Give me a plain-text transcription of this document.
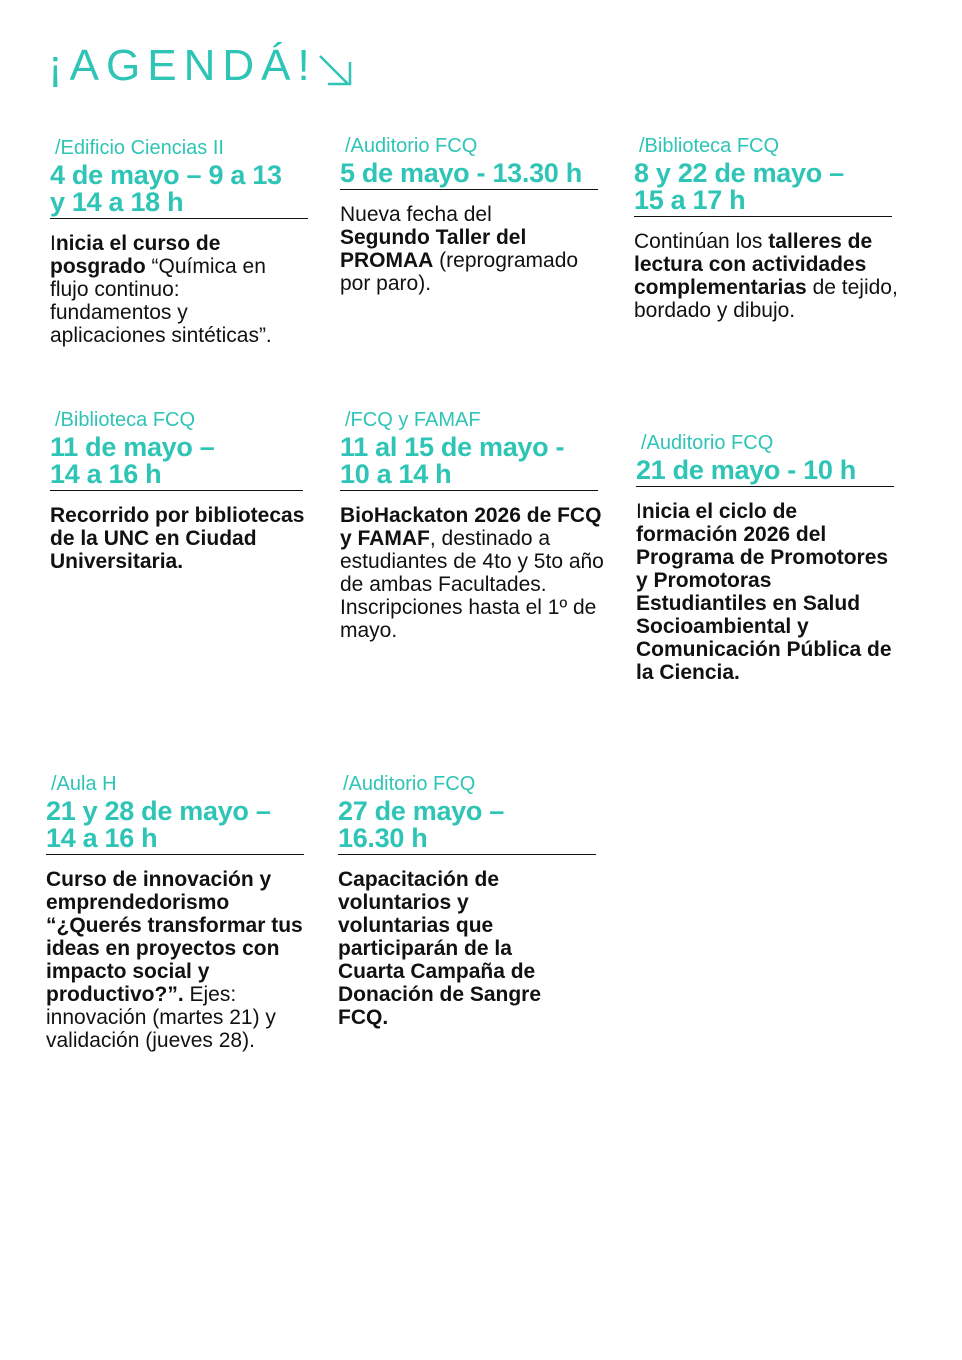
¡AGENDÁ!
/Edificio Ciencias II
4 de mayo – 9 a 13
y 14 a 18 h
Inicia el curso de posgrado “Química en flujo continuo: fundamentos y aplicaciones sintéticas”.
/Auditorio FCQ
5 de mayo - 13.30 h
Nueva fecha del Segundo Taller del PROMAA (reprogramado por paro).
/Biblioteca FCQ
8 y 22 de mayo –
15 a 17 h
Continúan los talleres de lectura con actividades complementarias de tejido, bordado y dibujo.
/Biblioteca FCQ
11 de mayo –
14 a 16 h
Recorrido por bibliotecas de la UNC en Ciudad Universitaria.
/FCQ y FAMAF
11 al 15 de mayo -
10 a 14 h
BioHackaton 2026 de FCQ y FAMAF, destinado a estudiantes de 4to y 5to año de ambas Facultades. Inscripciones hasta el 1º de mayo.
/Auditorio FCQ
21 de mayo - 10 h
Inicia el ciclo de formación 2026 del Programa de Promotores y Promotoras Estudiantiles en Salud Socioambiental y Comunicación Pública de la Ciencia.
/Aula H
21 y 28 de mayo –
14 a 16 h
Curso de innovación y emprendedorismo “¿Querés transformar tus ideas en proyectos con impacto social y productivo?”. Ejes: innovación (martes 21) y validación (jueves 28).
/Auditorio FCQ
27 de mayo –
16.30 h
Capacitación de voluntarios y voluntarias que participarán de la Cuarta Campaña de Donación de Sangre FCQ.
